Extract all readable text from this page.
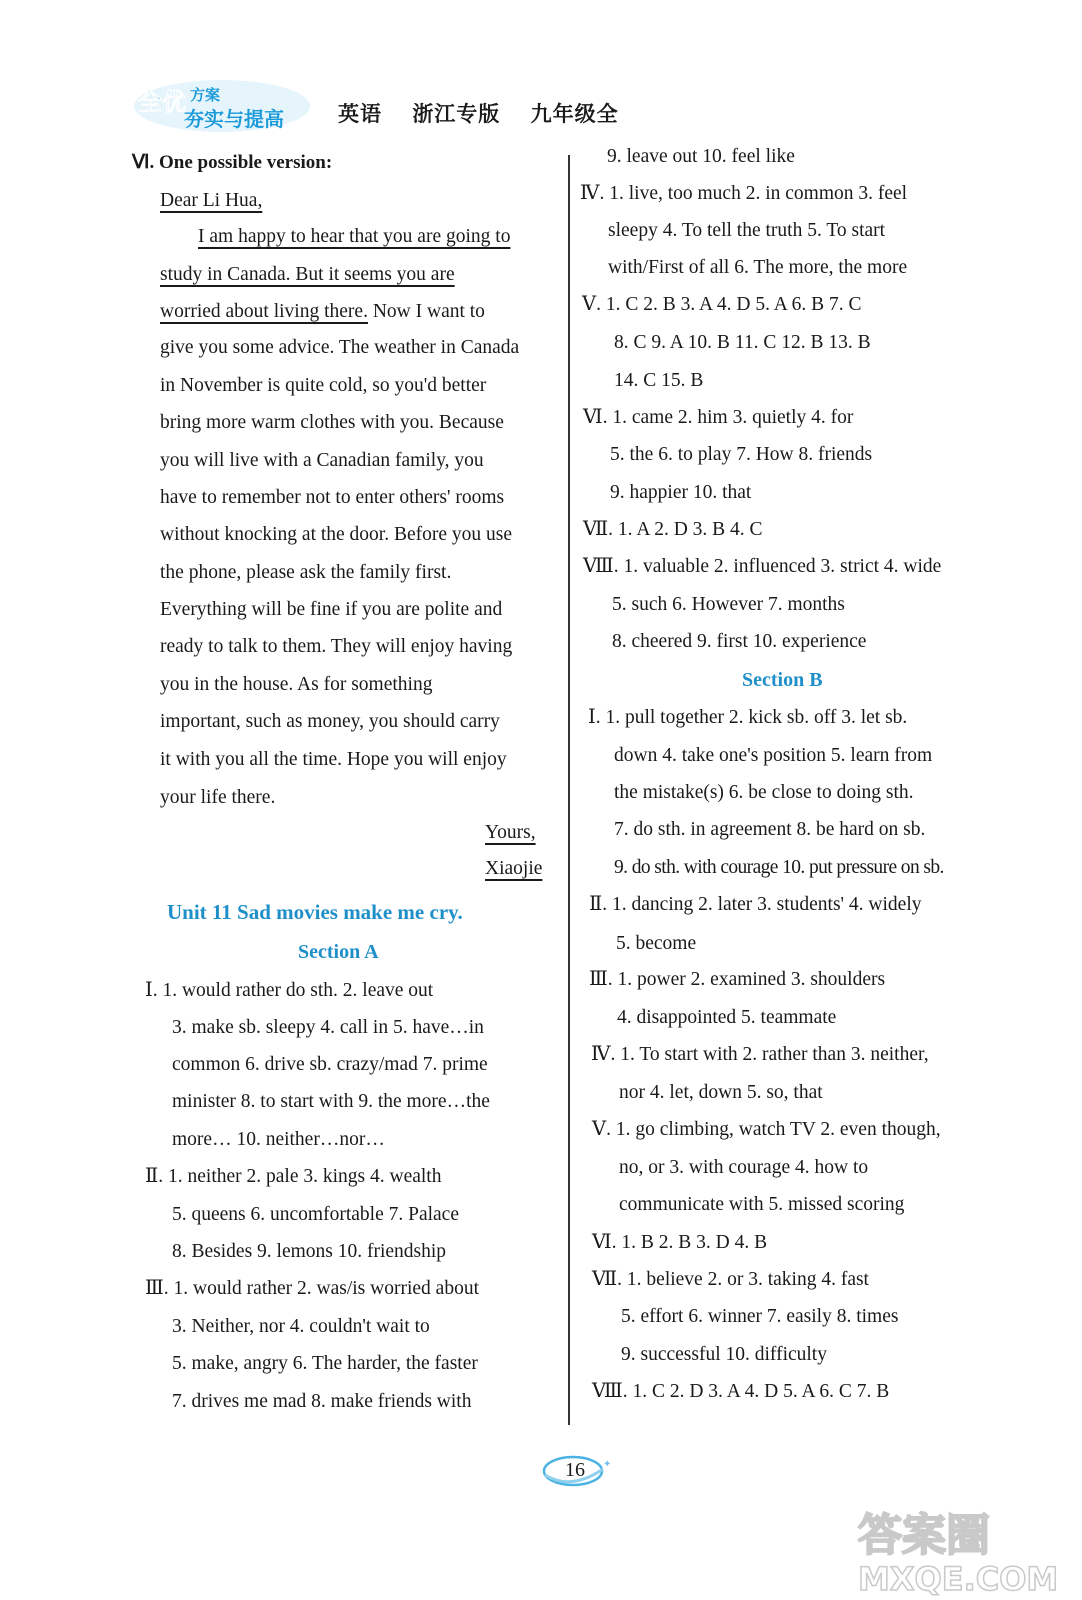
全优 方案
夯实与提高	英语 浙江专版 九年级全
Ⅵ. One possible version:
Dear Li Hua,
I am happy to hear that you are going to
study in Canada. But it seems you are
worried about living there. Now I want to
give you some advice. The weather in Canada
in November is quite cold, so you'd better
bring more warm clothes with you. Because
you will live with a Canadian family, you
have to remember not to enter others' rooms
without knocking at the door. Before you use
the phone, please ask the family first.
Everything will be fine if you are polite and
ready to talk to them. They will enjoy having
you in the house. As for something
important, such as money, you should carry
it with you all the time. Hope you will enjoy
your life there.
Yours,
Xiaojie
Unit 11 Sad movies make me cry.
Section A
Ⅰ. 1. would rather do sth. 2. leave out
3. make sb. sleepy 4. call in 5. have…in
common 6. drive sb. crazy/mad 7. prime
minister 8. to start with 9. the more…the
more… 10. neither…nor…
Ⅱ. 1. neither 2. pale 3. kings 4. wealth
5. queens 6. uncomfortable 7. Palace
8. Besides 9. lemons 10. friendship
Ⅲ. 1. would rather 2. was/is worried about
3. Neither, nor 4. couldn't wait to
5. make, angry 6. The harder, the faster
7. drives me mad 8. make friends with
9. leave out 10. feel like
Ⅳ. 1. live, too much 2. in common 3. feel
sleepy 4. To tell the truth 5. To start
with/First of all 6. The more, the more
Ⅴ. 1. C 2. B 3. A 4. D 5. A 6. B 7. C
8. C 9. A 10. B 11. C 12. B 13. B
14. C 15. B
Ⅵ. 1. came 2. him 3. quietly 4. for
5. the 6. to play 7. How 8. friends
9. happier 10. that
Ⅶ. 1. A 2. D 3. B 4. C
Ⅷ. 1. valuable 2. influenced 3. strict 4. wide
5. such 6. However 7. months
8. cheered 9. first 10. experience
Section B
Ⅰ. 1. pull together 2. kick sb. off 3. let sb.
down 4. take one's position 5. learn from
the mistake(s) 6. be close to doing sth.
7. do sth. in agreement 8. be hard on sb.
9. do sth. with courage 10. put pressure on sb.
Ⅱ. 1. dancing 2. later 3. students' 4. widely
5. become
Ⅲ. 1. power 2. examined 3. shoulders
4. disappointed 5. teammate
Ⅳ. 1. To start with 2. rather than 3. neither,
nor 4. let, down 5. so, that
Ⅴ. 1. go climbing, watch TV 2. even though,
no, or 3. with courage 4. how to
communicate with 5. missed scoring
Ⅵ. 1. B 2. B 3. D 4. B
Ⅶ. 1. believe 2. or 3. taking 4. fast
5. effort 6. winner 7. easily 8. times
9. successful 10. difficulty
Ⅷ. 1. C 2. D 3. A 4. D 5. A 6. C 7. B
✦
16
答案圈
MXQE.COM
